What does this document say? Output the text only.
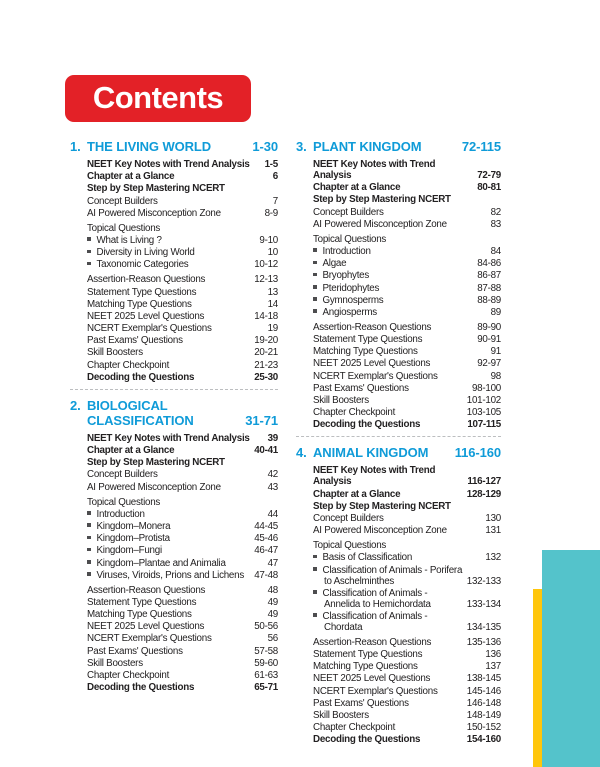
Contents
1. THE LIVING WORLD	1-30
NEET Key Notes with Trend Analysis	1-5
Chapter at a Glance	6
Step by Step Mastering NCERT
Concept Builders	7
AI Powered Misconception Zone	8-9
Topical Questions
What is Living ?	9-10
Diversity in Living World	10
Taxonomic Categories	10-12
Assertion-Reason Questions	12-13
Statement Type Questions	13
Matching Type Questions	14
NEET 2025 Level Questions	14-18
NCERT Exemplar's Questions	19
Past Exams' Questions	19-20
Skill Boosters	20-21
Chapter Checkpoint	21-23
Decoding the Questions	25-30
2. BIOLOGICAL CLASSIFICATION	31-71
NEET Key Notes with Trend Analysis	39
Chapter at a Glance	40-41
Step by Step Mastering NCERT
Concept Builders	42
AI Powered Misconception Zone	43
Topical Questions
Introduction	44
Kingdom–Monera	44-45
Kingdom–Protista	45-46
Kingdom–Fungi	46-47
Kingdom–Plantae and Animalia	47
Viruses, Viroids, Prions and Lichens	47-48
Assertion-Reason Questions	48
Statement Type Questions	49
Matching Type Questions	49
NEET 2025 Level Questions	50-56
NCERT Exemplar's Questions	56
Past Exams' Questions	57-58
Skill Boosters	59-60
Chapter Checkpoint	61-63
Decoding the Questions	65-71
3. PLANT KINGDOM	72-115
NEET Key Notes with Trend Analysis	72-79
Chapter at a Glance	80-81
Step by Step Mastering NCERT
Concept Builders	82
AI Powered Misconception Zone	83
Topical Questions
Introduction	84
Algae	84-86
Bryophytes	86-87
Pteridophytes	87-88
Gymnosperms	88-89
Angiosperms	89
Assertion-Reason Questions	89-90
Statement Type Questions	90-91
Matching Type Questions	91
NEET 2025 Level Questions	92-97
NCERT Exemplar's Questions	98
Past Exams' Questions	98-100
Skill Boosters	101-102
Chapter Checkpoint	103-105
Decoding the Questions	107-115
4. ANIMAL KINGDOM	116-160
NEET Key Notes with Trend Analysis	116-127
Chapter at a Glance	128-129
Step by Step Mastering NCERT
Concept Builders	130
AI Powered Misconception Zone	131
Topical Questions
Basis of Classification	132
Classification of Animals - Porifera to Aschelminthes	132-133
Classification of Animals - Annelida to Hemichordata	133-134
Classification of Animals - Chordata	134-135
Assertion-Reason Questions	135-136
Statement Type Questions	136
Matching Type Questions	137
NEET 2025 Level Questions	138-145
NCERT Exemplar's Questions	145-146
Past Exams' Questions	146-148
Skill Boosters	148-149
Chapter Checkpoint	150-152
Decoding the Questions	154-160
